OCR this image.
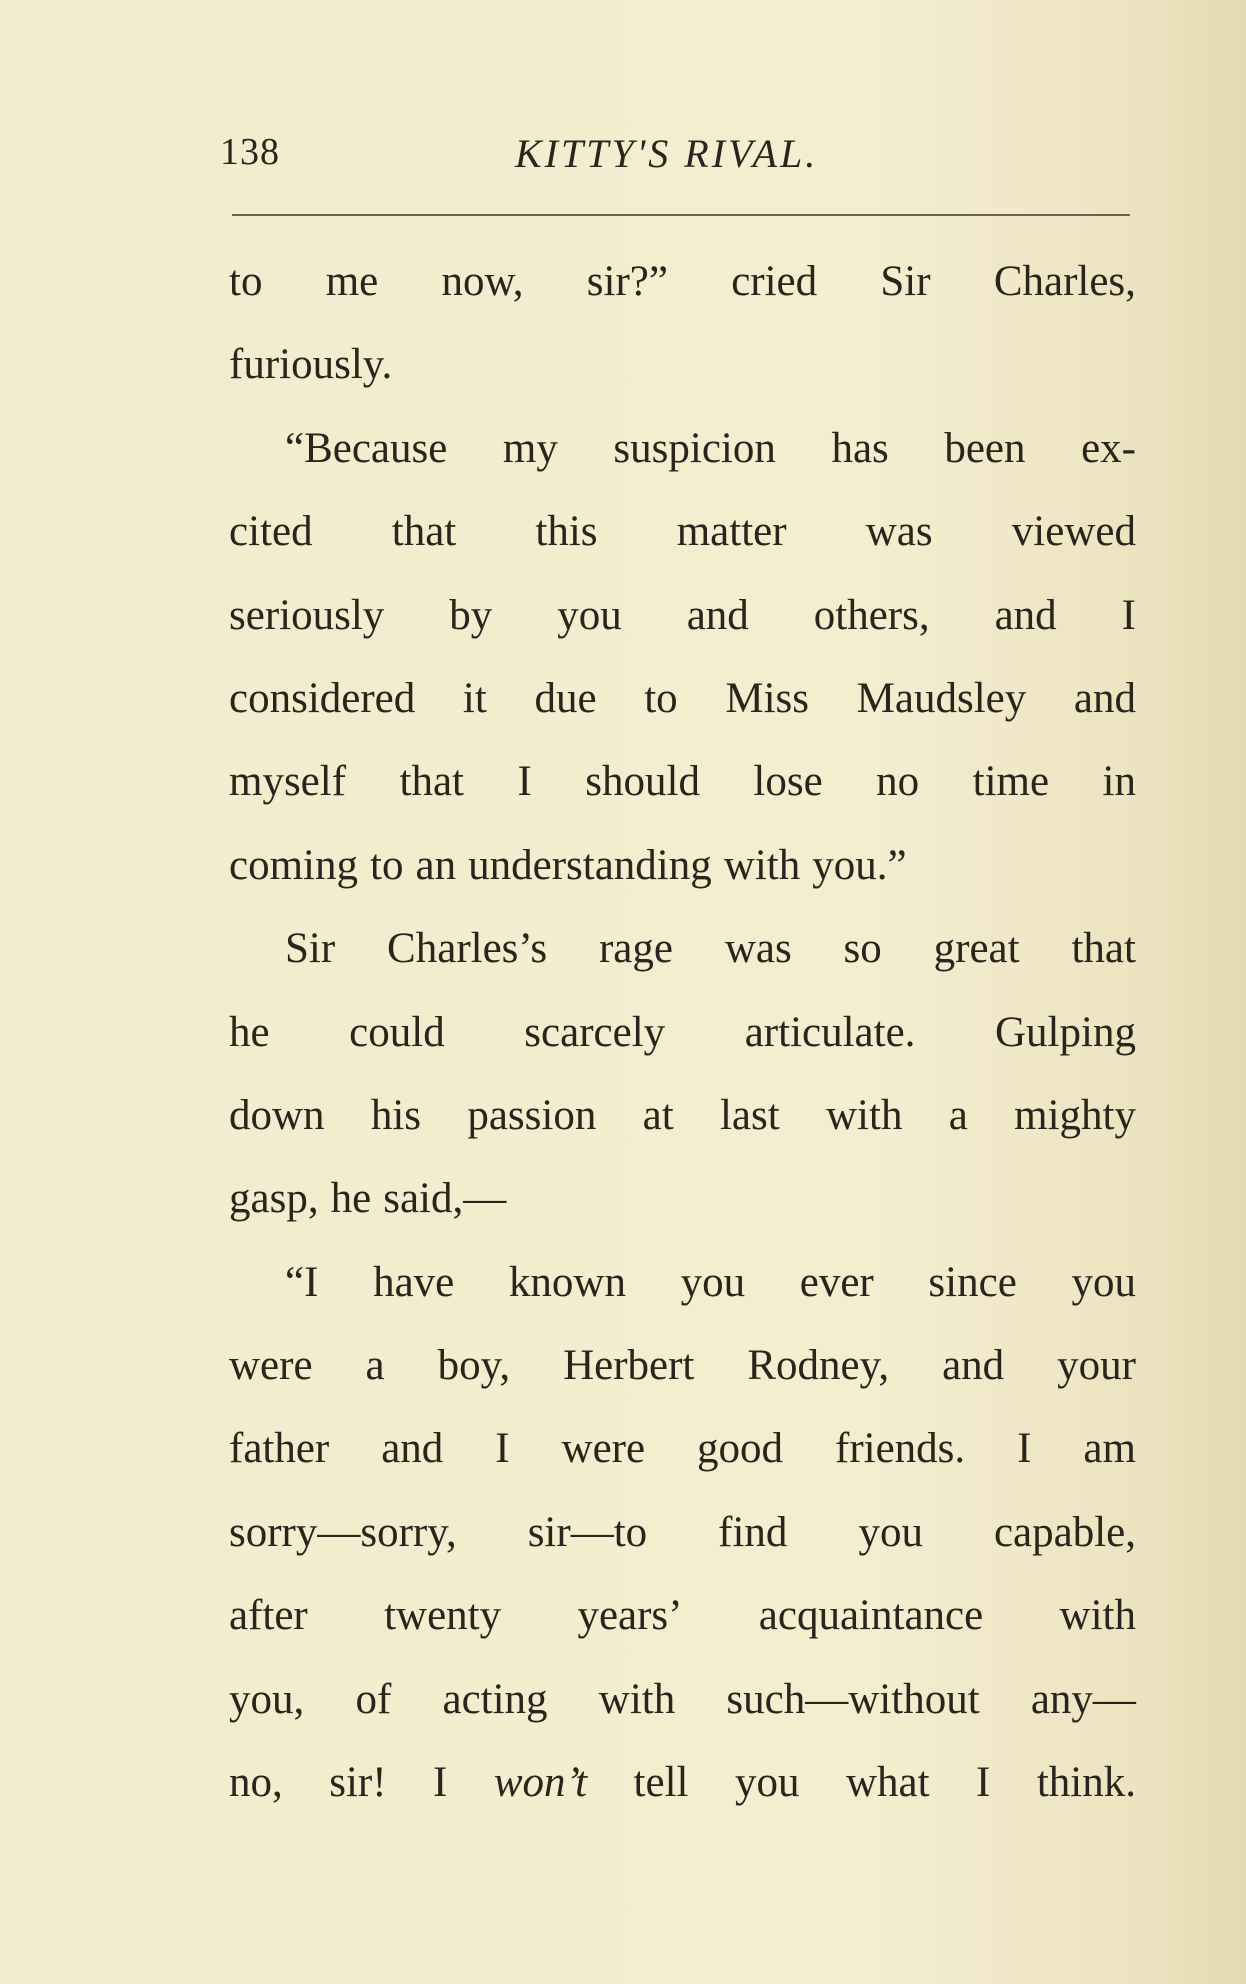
138	KITTY'S RIVAL.
to me now, sir?” cried Sir Charles,
furiously.
“Because my suspicion has been ex-
cited that this matter was viewed
seriously by you and others, and I
considered it due to Miss Maudsley and
myself that I should lose no time in
coming to an understanding with you.”
Sir Charles’s rage was so great that
he could scarcely articulate. Gulping
down his passion at last with a mighty
gasp, he said,—
“I have known you ever since you
were a boy, Herbert Rodney, and your
father and I were good friends. I am
sorry—sorry, sir—to find you capable,
after twenty years’ acquaintance with
you, of acting with such—without any—
no, sir! I won’t tell you what I think.
